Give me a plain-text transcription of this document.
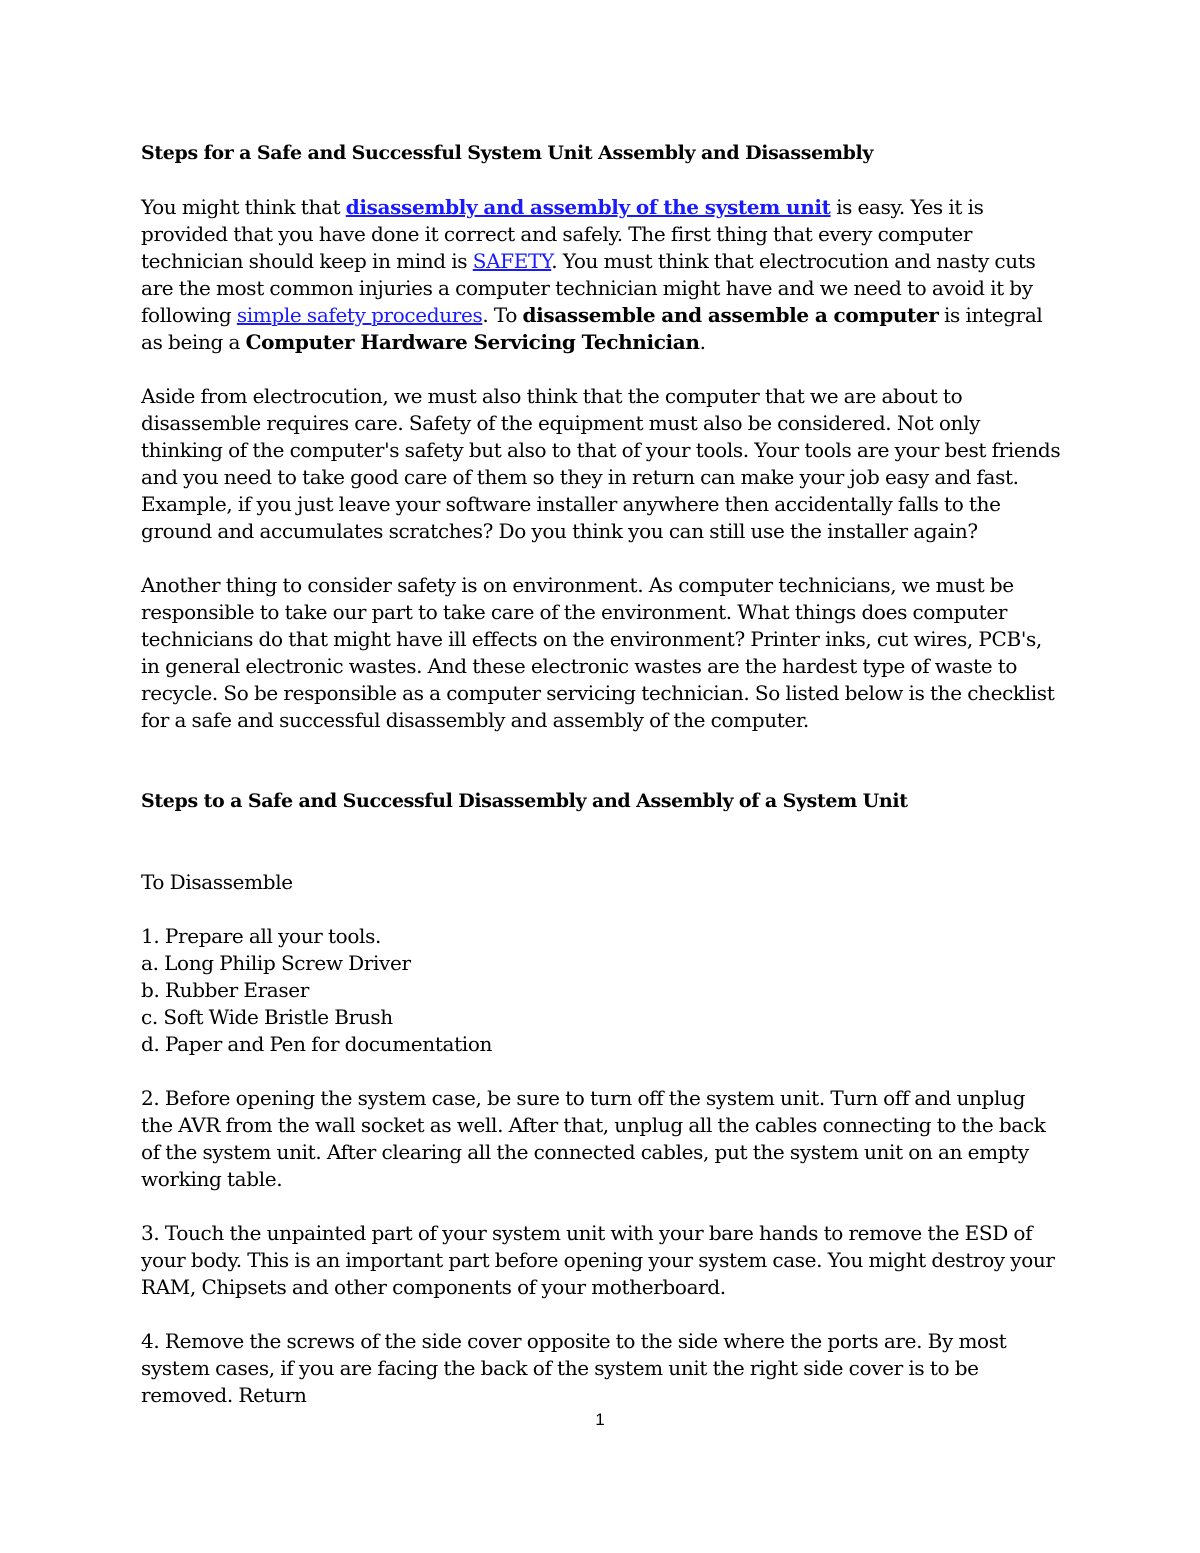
Steps for a Safe and Successful System Unit Assembly and Disassembly

You might think that disassembly and assembly of the system unit is easy. Yes it is provided that you have done it correct and safely. The first thing that every computer technician should keep in mind is SAFETY. You must think that electrocution and nasty cuts are the most common injuries a computer technician might have and we need to avoid it by following simple safety procedures. To disassemble and assemble a computer is integral as being a Computer Hardware Servicing Technician.

Aside from electrocution, we must also think that the computer that we are about to disassemble requires care. Safety of the equipment must also be considered. Not only thinking of the computer's safety but also to that of your tools. Your tools are your best friends and you need to take good care of them so they in return can make your job easy and fast. Example, if you just leave your software installer anywhere then accidentally falls to the ground and accumulates scratches? Do you think you can still use the installer again?

Another thing to consider safety is on environment. As computer technicians, we must be responsible to take our part to take care of the environment. What things does computer technicians do that might have ill effects on the environment? Printer inks, cut wires, PCB's, in general electronic wastes. And these electronic wastes are the hardest type of waste to recycle. So be responsible as a computer servicing technician. So listed below is the checklist for a safe and successful disassembly and assembly of the computer.

Steps to a Safe and Successful Disassembly and Assembly of a System Unit

To Disassemble

1. Prepare all your tools.

a. Long Philip Screw Driver

b. Rubber Eraser

c. Soft Wide Bristle Brush

d. Paper and Pen for documentation

2. Before opening the system case, be sure to turn off the system unit. Turn off and unplug the AVR from the wall socket as well. After that, unplug all the cables connecting to the back of the system unit. After clearing all the connected cables, put the system unit on an empty working table.

3. Touch the unpainted part of your system unit with your bare hands to remove the ESD of your body. This is an important part before opening your system case. You might destroy your RAM, Chipsets and other components of your motherboard.

4. Remove the screws of the side cover opposite to the side where the ports are. By most system cases, if you are facing the back of the system unit the right side cover is to be removed. Return

1
